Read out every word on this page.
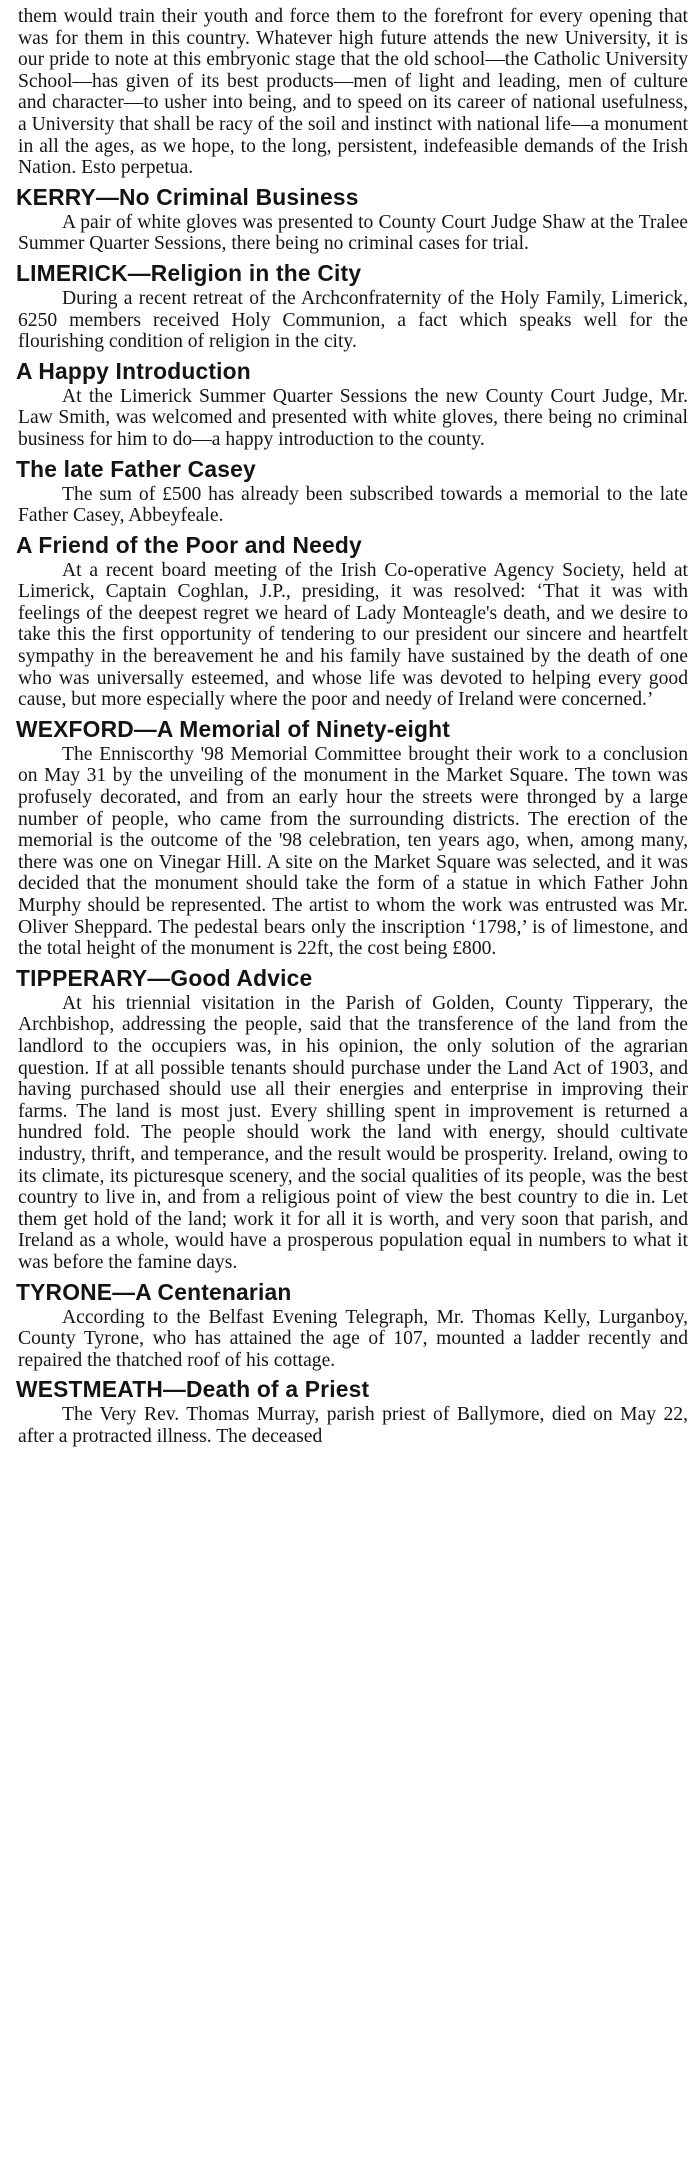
them would train their youth and force them to the forefront for every opening that was for them in this country. Whatever high future attends the new University, it is our pride to note at this embryonic stage that the old school—the Catholic University School—has given of its best products—men of light and leading, men of culture and character—to usher into being, and to speed on its career of national usefulness, a University that shall be racy of the soil and instinct with national life—a monument in all the ages, as we hope, to the long, persistent, indefeasible demands of the Irish Nation. Esto perpetua.

KERRY—No Criminal Business

A pair of white gloves was presented to County Court Judge Shaw at the Tralee Summer Quarter Sessions, there being no criminal cases for trial.

LIMERICK—Religion in the City

During a recent retreat of the Archconfraternity of the Holy Family, Limerick, 6250 members received Holy Communion, a fact which speaks well for the flourishing condition of religion in the city.

A Happy Introduction

At the Limerick Summer Quarter Sessions the new County Court Judge, Mr. Law Smith, was welcomed and presented with white gloves, there being no criminal business for him to do—a happy introduction to the county.

The late Father Casey

The sum of £500 has already been subscribed towards a memorial to the late Father Casey, Abbeyfeale.

A Friend of the Poor and Needy

At a recent board meeting of the Irish Co-operative Agency Society, held at Limerick, Captain Coghlan, J.P., presiding, it was resolved: ‘That it was with feelings of the deepest regret we heard of Lady Monteagle's death, and we desire to take this the first opportunity of tendering to our president our sincere and heartfelt sympathy in the bereavement he and his family have sustained by the death of one who was universally esteemed, and whose life was devoted to helping every good cause, but more especially where the poor and needy of Ireland were concerned.’

WEXFORD—A Memorial of Ninety-eight

The Enniscorthy '98 Memorial Committee brought their work to a conclusion on May 31 by the unveiling of the monument in the Market Square. The town was profusely decorated, and from an early hour the streets were thronged by a large number of people, who came from the surrounding districts. The erection of the memorial is the outcome of the '98 celebration, ten years ago, when, among many, there was one on Vinegar Hill. A site on the Market Square was selected, and it was decided that the monument should take the form of a statue in which Father John Murphy should be represented. The artist to whom the work was entrusted was Mr. Oliver Sheppard. The pedestal bears only the inscription ‘1798,’ is of limestone, and the total height of the monument is 22ft, the cost being £800.

TIPPERARY—Good Advice

At his triennial visitation in the Parish of Golden, County Tipperary, the Archbishop, addressing the people, said that the transference of the land from the landlord to the occupiers was, in his opinion, the only solution of the agrarian question. If at all possible tenants should purchase under the Land Act of 1903, and having purchased should use all their energies and enterprise in improving their farms. The land is most just. Every shilling spent in improvement is returned a hundred fold. The people should work the land with energy, should cultivate industry, thrift, and temperance, and the result would be prosperity. Ireland, owing to its climate, its picturesque scenery, and the social qualities of its people, was the best country to live in, and from a religious point of view the best country to die in. Let them get hold of the land; work it for all it is worth, and very soon that parish, and Ireland as a whole, would have a prosperous population equal in numbers to what it was before the famine days.

TYRONE—A Centenarian

According to the Belfast Evening Telegraph, Mr. Thomas Kelly, Lurganboy, County Tyrone, who has attained the age of 107, mounted a ladder recently and repaired the thatched roof of his cottage.

WESTMEATH—Death of a Priest

The Very Rev. Thomas Murray, parish priest of Ballymore, died on May 22, after a protracted illness. The deceased
